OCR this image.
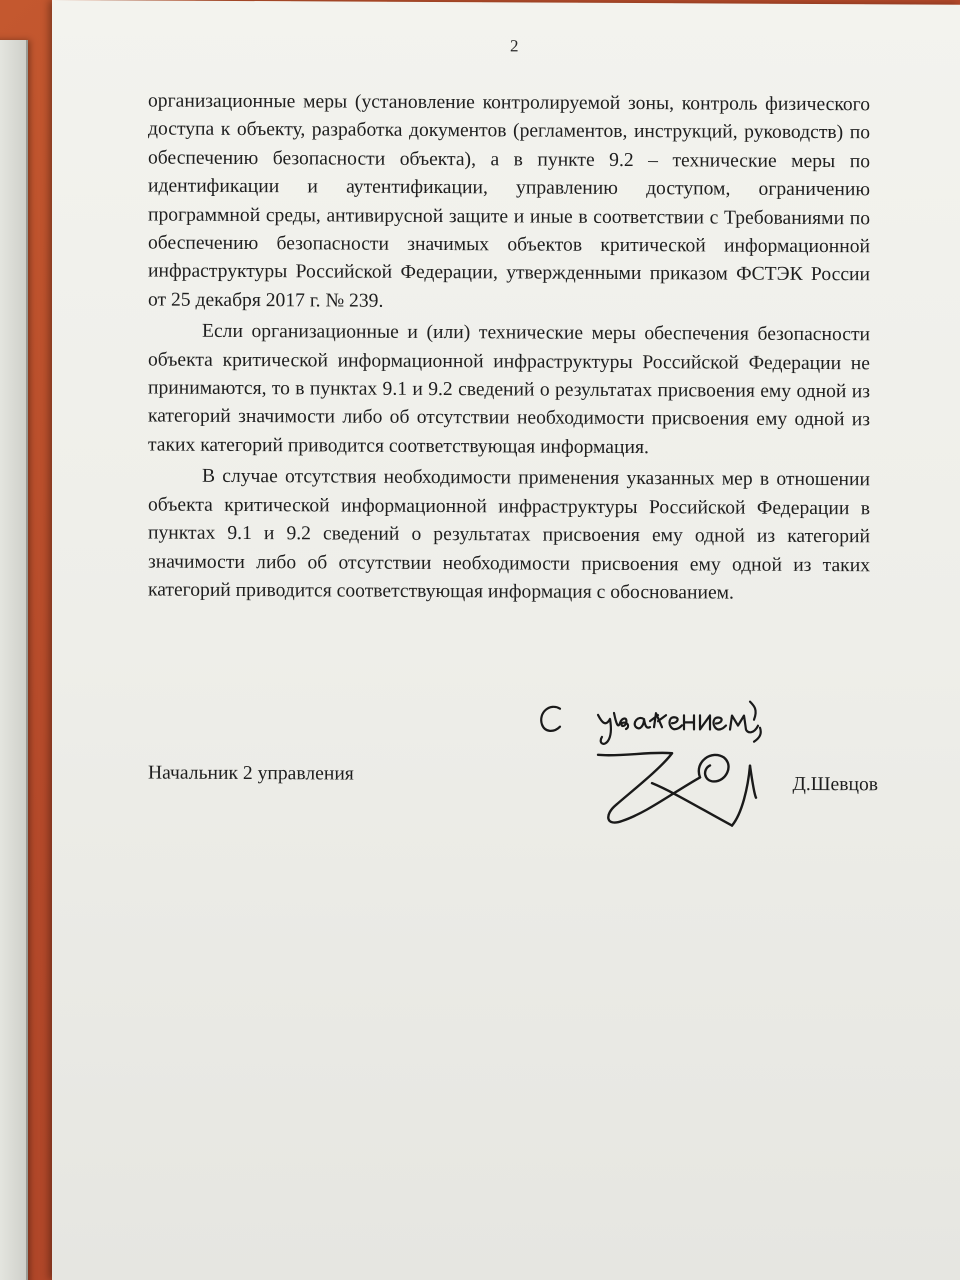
2

организационные меры (установление контролируемой зоны, контроль физического доступа к объекту, разработка документов (регламентов, инструкций, руководств) по обеспечению безопасности объекта), а в пункте 9.2 – технические меры по идентификации и аутентификации, управлению доступом, ограничению программной среды, антивирусной защите и иные в соответствии с Требованиями по обеспечению безопасности значимых объектов критической информационной инфраструктуры Российской Федерации, утвержденными приказом ФСТЭК России от 25 декабря 2017 г. № 239.

Если организационные и (или) технические меры обеспечения безопасности объекта критической информационной инфраструктуры Российской Федерации не принимаются, то в пунктах 9.1 и 9.2 сведений о результатах присвоения ему одной из категорий значимости либо об отсутствии необходимости присвоения ему одной из таких категорий приводится соответствующая информация.

В случае отсутствия необходимости применения указанных мер в отношении объекта критической информационной инфраструктуры Российской Федерации в пунктах 9.1 и 9.2 сведений о результатах присвоения ему одной из категорий значимости либо об отсутствии необходимости присвоения ему одной из таких категорий приводится соответствующая информация с обоснованием.

Начальник 2 управления
Д.Шевцов
